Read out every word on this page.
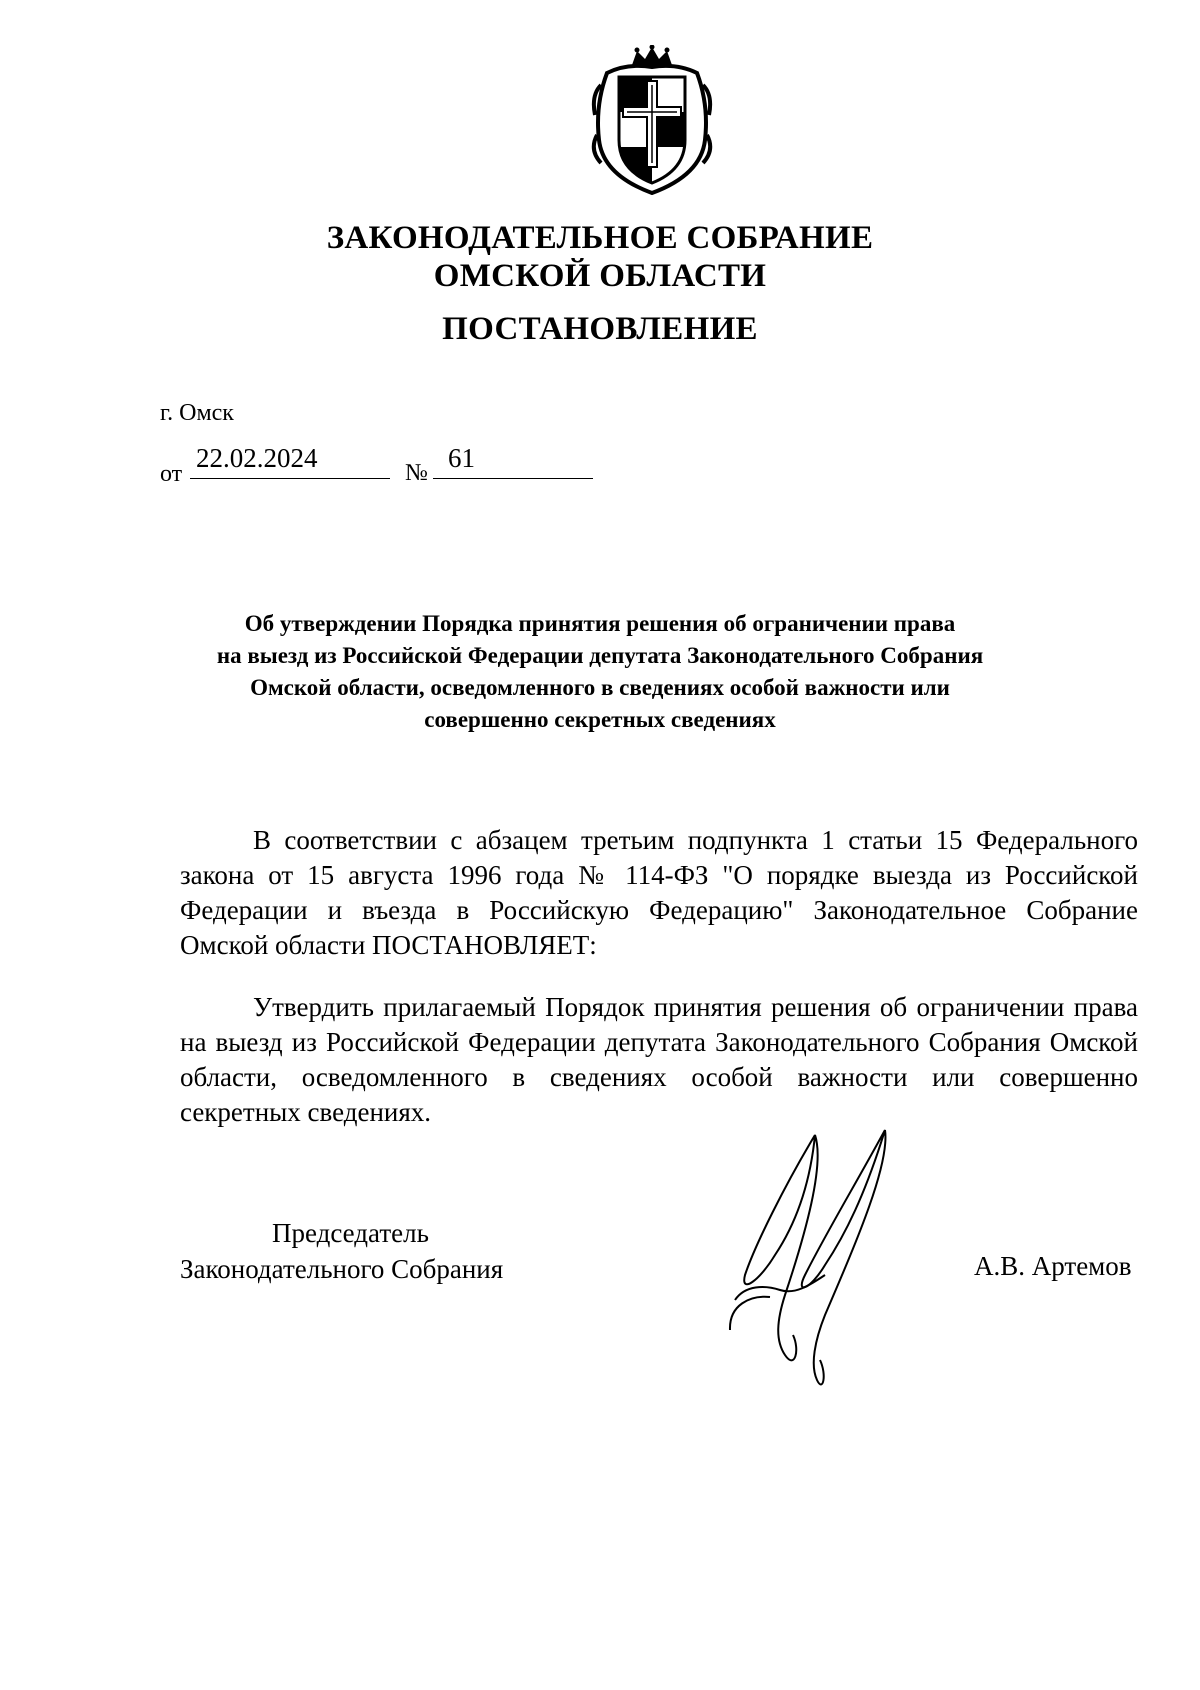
ЗАКОНОДАТЕЛЬНОЕ СОБРАНИЕ
ОМСКОЙ ОБЛАСТИ
ПОСТАНОВЛЕНИЕ
г. Омск
от
22.02.2024	№ 61
Об утверждении Порядка принятия решения об ограничении права
на выезд из Российской Федерации депутата Законодательного Собрания
Омской области, осведомленного в сведениях особой важности или
совершенно секретных сведениях

В соответствии с абзацем третьим подпункта 1 статьи 15 Федерального закона от 15 августа 1996 года № 114-ФЗ "О порядке выезда из Российской Федерации и въезда в Российскую Федерацию" Законодательное Собрание Омской области ПОСТАНОВЛЯЕТ:

Утвердить прилагаемый Порядок принятия решения об ограничении права на выезд из Российской Федерации депутата Законодательного Собрания Омской области, осведомленного в сведениях особой важности или совершенно секретных сведениях.

Председатель
Законодательного Собрания	А.В. Артемов
